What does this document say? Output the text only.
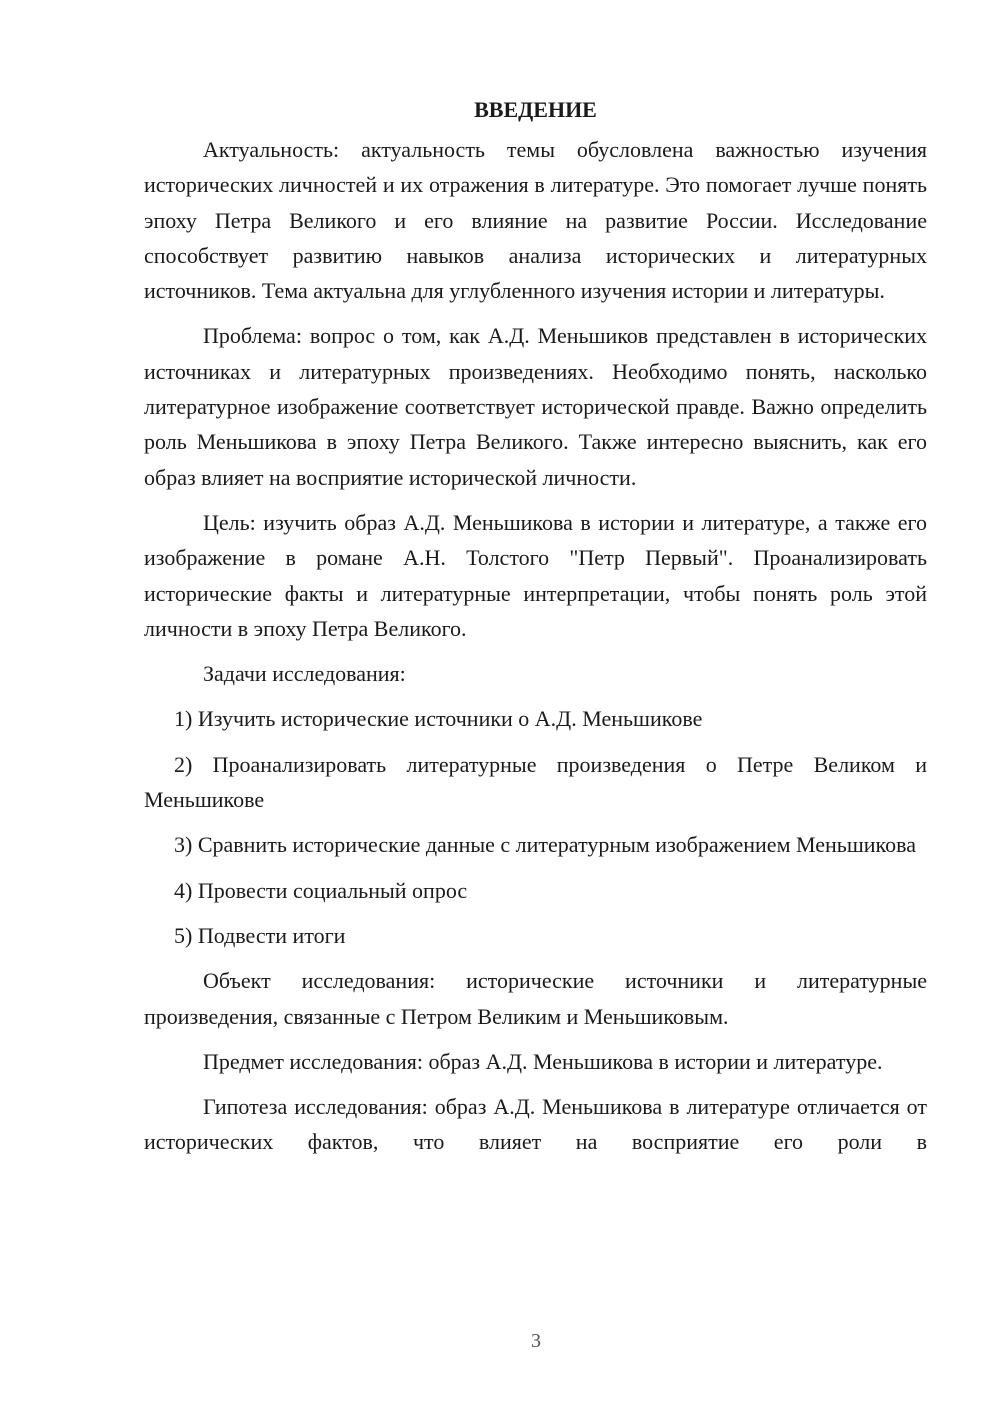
ВВЕДЕНИЕ

Актуальность: актуальность темы обусловлена важностью изучения исторических личностей и их отражения в литературе. Это помогает лучше понять эпоху Петра Великого и его влияние на развитие России. Исследование способствует развитию навыков анализа исторических и литературных источников. Тема актуальна для углубленного изучения истории и литературы.

Проблема: вопрос о том, как А.Д. Меньшиков представлен в исторических источниках и литературных произведениях. Необходимо понять, насколько литературное изображение соответствует исторической правде. Важно определить роль Меньшикова в эпоху Петра Великого. Также интересно выяснить, как его образ влияет на восприятие исторической личности.

Цель: изучить образ А.Д. Меньшикова в истории и литературе, а также его изображение в романе А.Н. Толстого "Петр Первый". Проанализировать исторические факты и литературные интерпретации, чтобы понять роль этой личности в эпоху Петра Великого.

Задачи исследования:

1) Изучить исторические источники о А.Д. Меньшикове

2) Проанализировать литературные произведения о Петре Великом и Меньшикове

3) Сравнить исторические данные с литературным изображением Меньшикова

4) Провести социальный опрос

5) Подвести итоги

Объект исследования: исторические источники и литературные произведения, связанные с Петром Великим и Меньшиковым.

Предмет исследования: образ А.Д. Меньшикова в истории и литературе.

Гипотеза исследования: образ А.Д. Меньшикова в литературе отличается от исторических фактов, что влияет на восприятие его роли в

3
